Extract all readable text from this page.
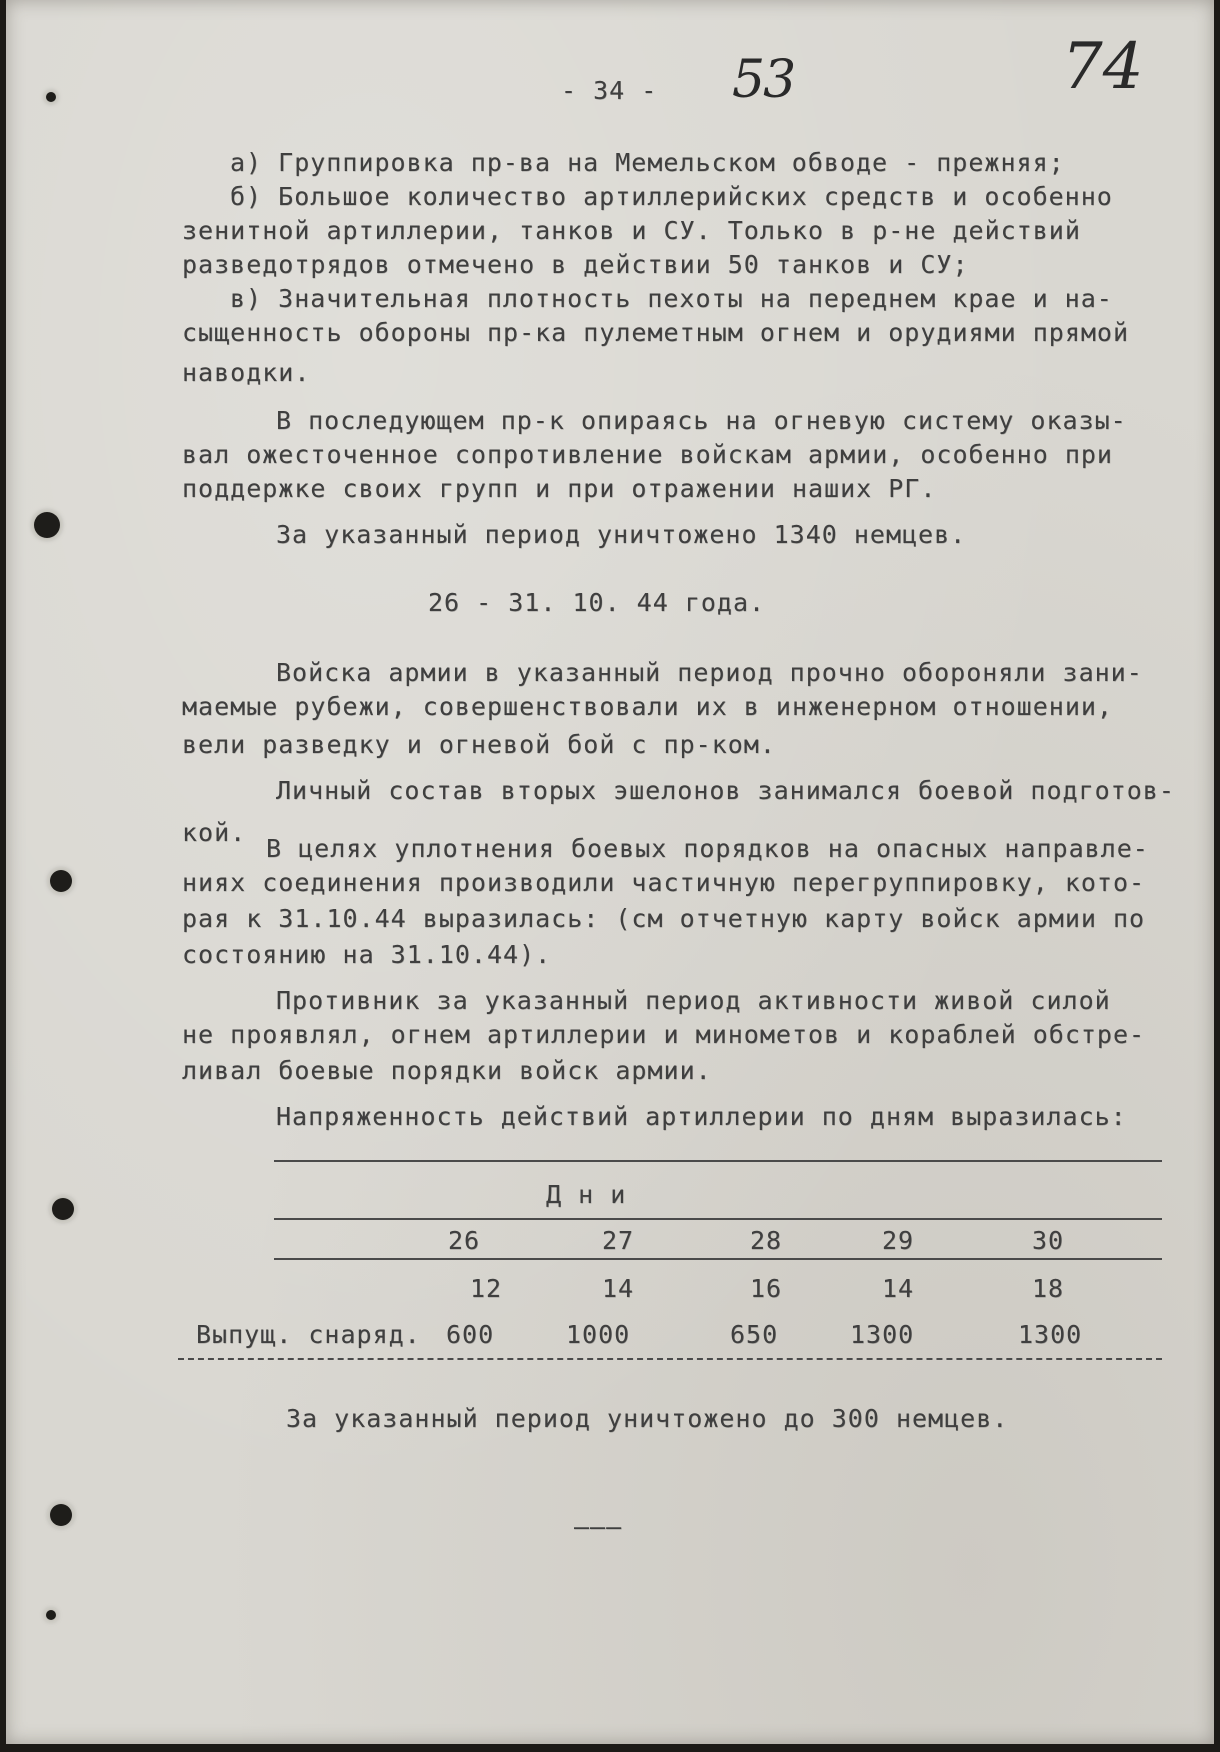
- 34 - 53	74
а) Группировка пр-ва на Мемельском обводе - прежняя;
б) Большое количество артиллерийских средств и особенно
зенитной артиллерии, танков и СУ. Только в р-не действий
разведотрядов отмечено в действии 50 танков и СУ;
в) Значительная плотность пехоты на переднем крае и на-
сыщенность обороны пр-ка пулеметным огнем и орудиями прямой
наводки.
В последующем пр-к опираясь на огневую систему оказы-
вал ожесточенное сопротивление войскам армии, особенно при
поддержке своих групп и при отражении наших РГ.
За указанный период уничтожено 1340 немцев.
26 - 31. 10. 44 года.
Войска армии в указанный период прочно обороняли зани-
маемые рубежи, совершенствовали их в инженерном отношении,
вели разведку и огневой бой с пр-ком.
Личный состав вторых эшелонов занимался боевой подготов-
кой.
В целях уплотнения боевых порядков на опасных направле-
ниях соединения производили частичную перегруппировку, кото-
рая к 31.10.44 выразилась: (см отчетную карту войск армии по
состоянию на 31.10.44).
Противник за указанный период активности живой силой
не проявлял, огнем артиллерии и минометов и кораблей обстре-
ливал боевые порядки войск армии.
Напряженность действий артиллерии по дням выразилась:
Д н и
26	27	28	29	30
12	14	16	14	18
Выпущ. снаряд. 600	1000	650	1300	1300
За указанный период уничтожено до 300 немцев.
———
